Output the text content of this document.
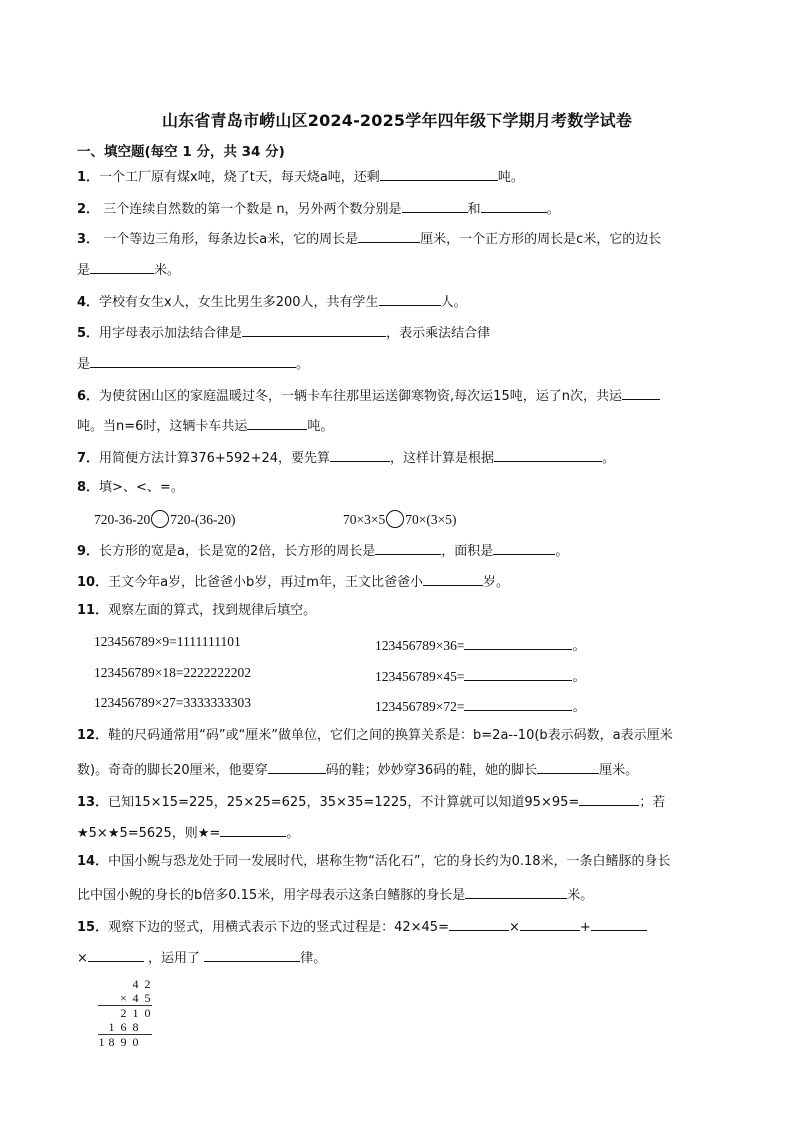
山东省青岛市崂山区2024-2025学年四年级下学期月考数学试卷
一、填空题(每空 1 分，共 34 分)
1．一个工厂原有煤x吨，烧了t天，每天烧a吨，还剩	吨。
2． 三个连续自然数的第一个数是 n，另外两个数分别是	和	。
3． 一个等边三角形，每条边长a米，它的周长是	厘米，一个正方形的周长是c米，它的边长
是	米。
4．学校有女生x人，女生比男生多200人，共有学生	人。
5．用字母表示加法结合律是	，表示乘法结合律
是	。
6．为使贫困山区的家庭温暖过冬，一辆卡车往那里运送御寒物资,每次运15吨，运了n次，共运
吨。当n=6时，这辆卡车共运	吨。
7．用简便方法计算376+592+24，要先算	，这样计算是根据	。
8．填>、<、=。
720-36-20 720-(36-20)	70×3×5 70×(3×5)
9．长方形的宽是a，长是宽的2倍，长方形的周长是	，面积是	。
10．王文今年a岁，比爸爸小b岁，再过m年，王文比爸爸小	岁。
11．观察左面的算式，找到规律后填空。
123456789×9=1111111101
123456789×18=2222222202
123456789×27=3333333303
123456789×36=	。
123456789×45=	。
123456789×72=	。
12．鞋的尺码通常用“码”或“厘米”做单位，它们之间的换算关系是：b=2a--10(b表示码数，a表示厘米
数)。奇奇的脚长20厘米，他要穿	码的鞋；妙妙穿36码的鞋，她的脚长	厘米。
13．已知15×15=225，25×25=625，35×35=1225，不计算就可以知道95×95=	；若
★5×★5=5625，则★=	。
14．中国小鲵与恐龙处于同一发展时代，堪称生物“活化石”，它的身长约为0.18米，一条白鳍豚的身长
比中国小鲵的身长的b倍多0.15米，用字母表示这条白鳍豚的身长是	米。
15．观察下边的竖式，用横式表示下边的竖式过程是：42×45=	×	+
×	，运用了	律。
4 2
× 4 5
2 1 0
1 6 8
1 8 9 0
